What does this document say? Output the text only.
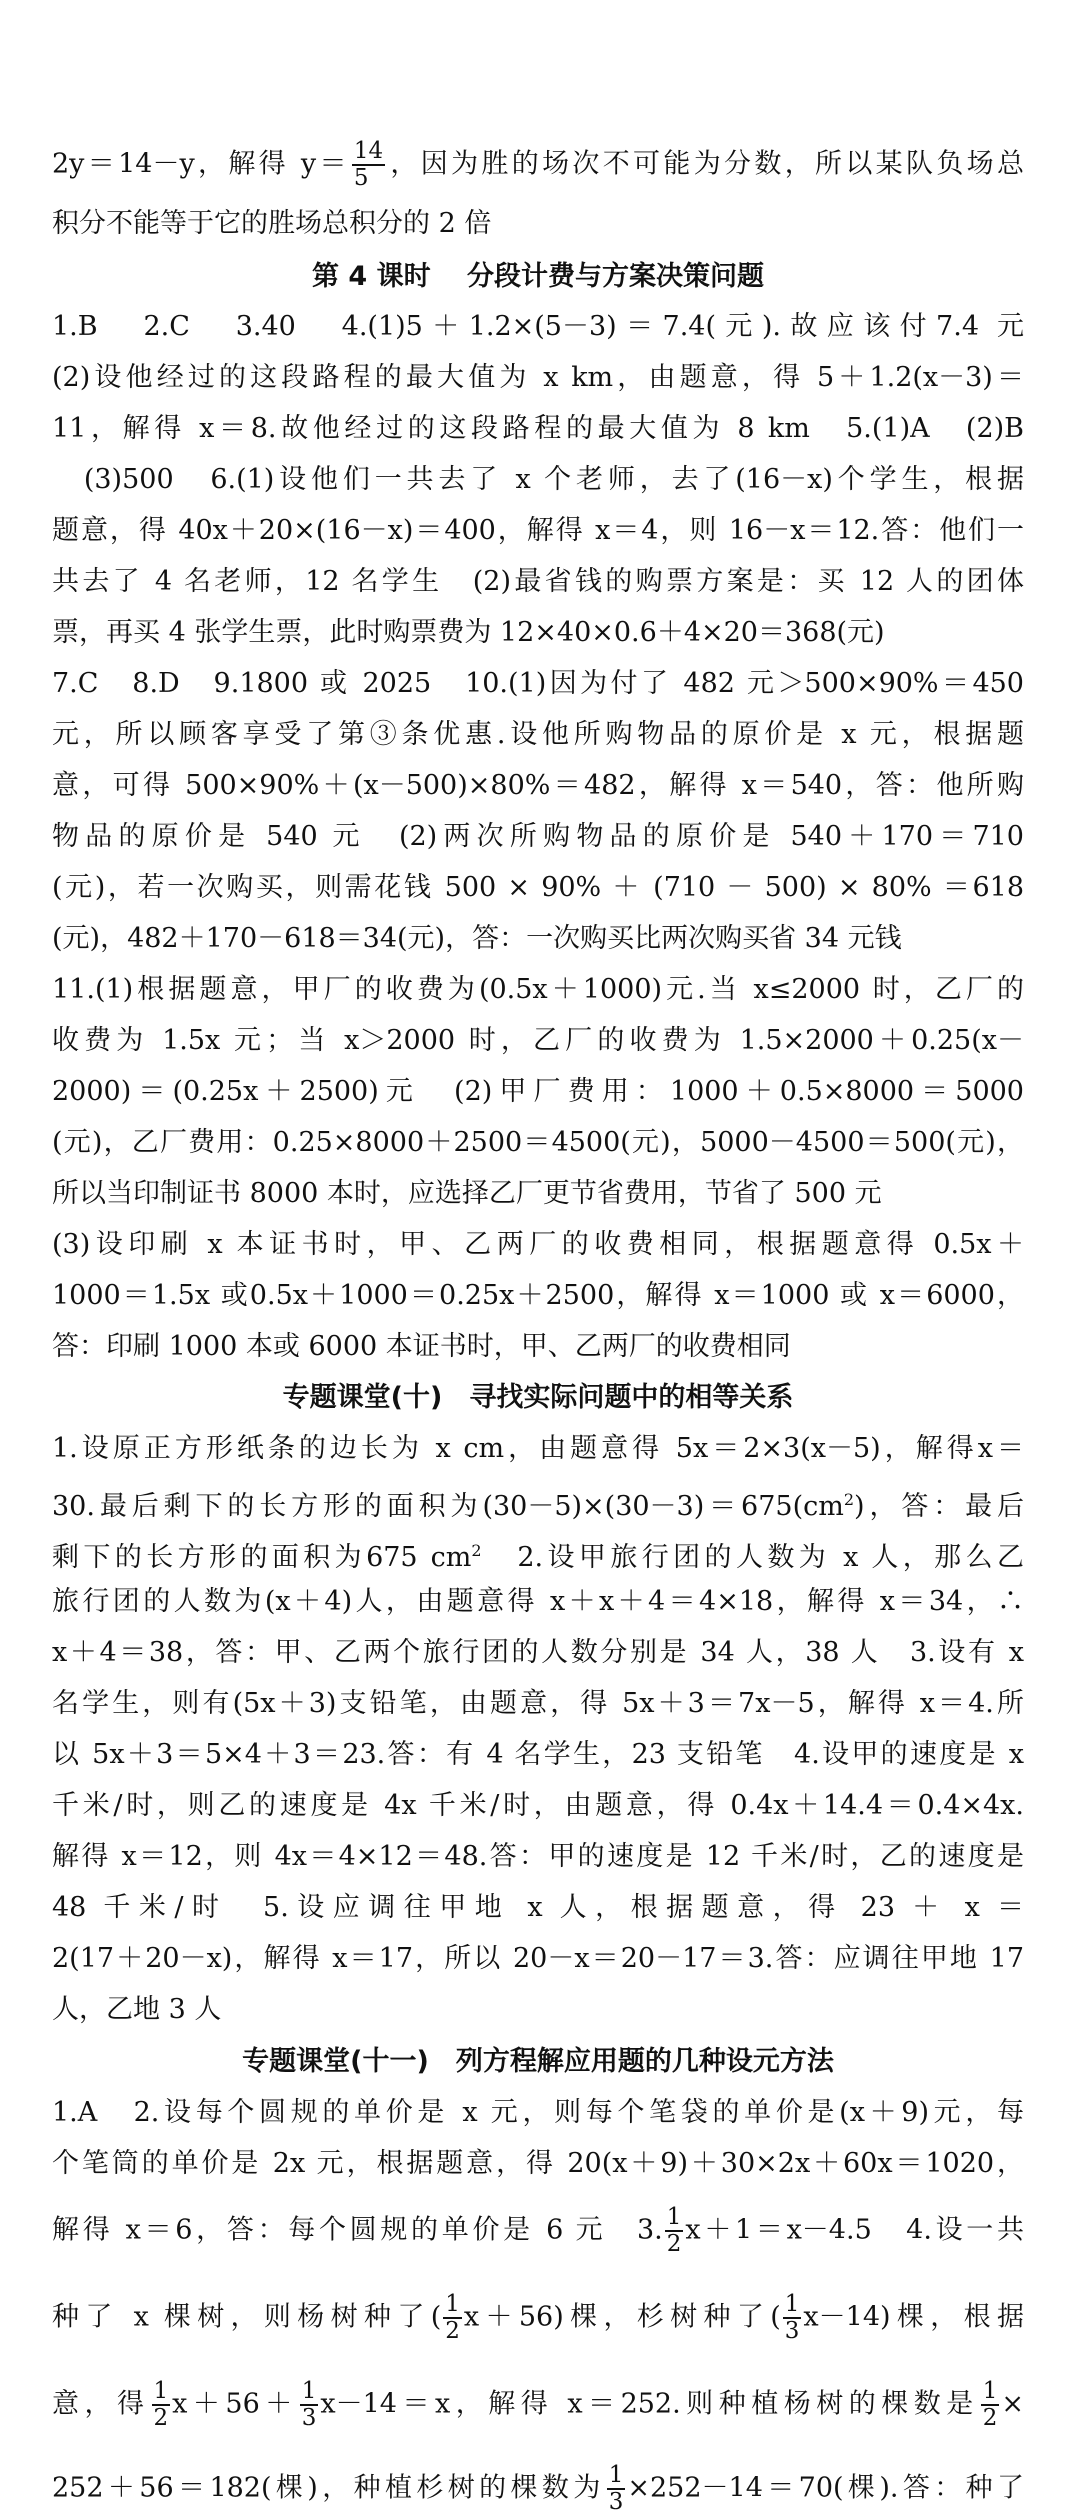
2y＝14－y，解得 $y= \frac{14}{5}$ ，因为胜的场次不可能为分数，所以某队负场总
积分不能等于它的胜场总积分的 2 倍
第 4 课时　 分段计费与方案决策问题
1.B　2.C　3.40　4.(1)5＋1.2×(5－3)＝7.4(元).故应该付7.4 元
(2)设他经过的这段路程的最大值为 x km，由题意，得 5＋1.2(x－3)＝
11，解得 x＝8.故他经过的这段路程的最大值为 8 km　5.(1)A　(2)B
　(3)500　6.(1)设他们一共去了 x 个老师，去了(16－x)个学生，根据
题意，得 40x＋20×(16－x)＝400，解得 x＝4，则 16－x＝12.答：他们一
共去了 4 名老师，12 名学生　(2)最省钱的购票方案是：买 12 人的团体
票，再买 4 张学生票，此时购票费为 12×40×0.6＋4×20＝368(元)
7.C　8.D　9.1800 或 2025　10.(1)因为付了 482 元＞500×90%＝450
元，所以顾客享受了第③条优惠.设他所购物品的原价是 x 元，根据题
意，可得 500×90%＋(x－500)×80%＝482，解得 x＝540，答：他所购
物品的原价是 540 元　(2)两次所购物品的原价是 540＋170＝710
(元)，若一次购买，则需花钱 500 × 90% ＋ (710 － 500) × 80% ＝618
(元)，482＋170－618＝34(元)，答：一次购买比两次购买省 34 元钱
11.(1)根据题意，甲厂的收费为(0.5x＋1000)元.当 x≤2000 时，乙厂的
收费为 1.5x 元；当 x＞2000 时，乙厂的收费为 1.5×2000＋0.25(x－
2000)＝(0.25x＋2500)元　(2)甲厂费用：1000＋0.5×8000＝5000
(元)，乙厂费用：0.25×8000＋2500＝4500(元)，5000－4500＝500(元)，
所以当印制证书 8000 本时，应选择乙厂更节省费用，节省了 500 元
(3)设印刷 x 本证书时，甲、乙两厂的收费相同，根据题意得 0.5x＋
1000＝1.5x 或0.5x＋1000＝0.25x＋2500，解得 x＝1000 或 x＝6000，
答：印刷 1000 本或 6000 本证书时，甲、乙两厂的收费相同
专题课堂(十)　寻找实际问题中的相等关系
1.设原正方形纸条的边长为 x cm，由题意得 5x＝2×3(x－5)，解得x＝
30.最后剩下的长方形的面积为$(30-5)\times(30-3)=675(cm^2)$，答：最后
剩下的长方形的面积为675 $cm^2$　2.设甲旅行团的人数为 x 人，那么乙
旅行团的人数为(x＋4)人，由题意得 x＋x＋4＝4×18，解得 x＝34，∴
x＋4＝38，答：甲、乙两个旅行团的人数分别是 34 人，38 人　3.设有 x
名学生，则有(5x＋3)支铅笔，由题意，得 5x＋3＝7x－5，解得 x＝4.所
以 5x＋3＝5×4＋3＝23.答：有 4 名学生，23 支铅笔　4.设甲的速度是 x
千米/时，则乙的速度是 4x 千米/时，由题意，得 0.4x＋14.4＝0.4×4x.
解得 x＝12，则 4x＝4×12＝48.答：甲的速度是 12 千米/时，乙的速度是
48 千米/时　5.设应调往甲地 x 人，根据题意，得 23 ＋ x ＝
2(17＋20－x)，解得 x＝17，所以 20－x＝20－17＝3.答：应调往甲地 17
人，乙地 3 人
专题课堂(十一)　列方程解应用题的几种设元方法
1.A　2.设每个圆规的单价是 x 元，则每个笔袋的单价是(x＋9)元，每
个笔筒的单价是 2x 元，根据题意，得 20(x＋9)＋30×2x＋60x＝1020，
解得 x＝6，答：每个圆规的单价是 6 元　3. $\frac{1}{2} x+1=x-4.5$　4.设一共
种了 x 棵树，则杨树种了( $\frac{1}{2} x+56$)棵，杉树种了( $\frac{1}{3} x-14$)棵，根据
意，得 $\frac{1}{2} x+56+ \frac{1}{3} x-14=x$，解得 x＝252.则种植杨树的棵数是 $\frac{1}{2}$ ×
252＋56＝182(棵)，种植杉树的棵数为 $\frac{1}{3} \times 252-14=70$(棵).答：种了
